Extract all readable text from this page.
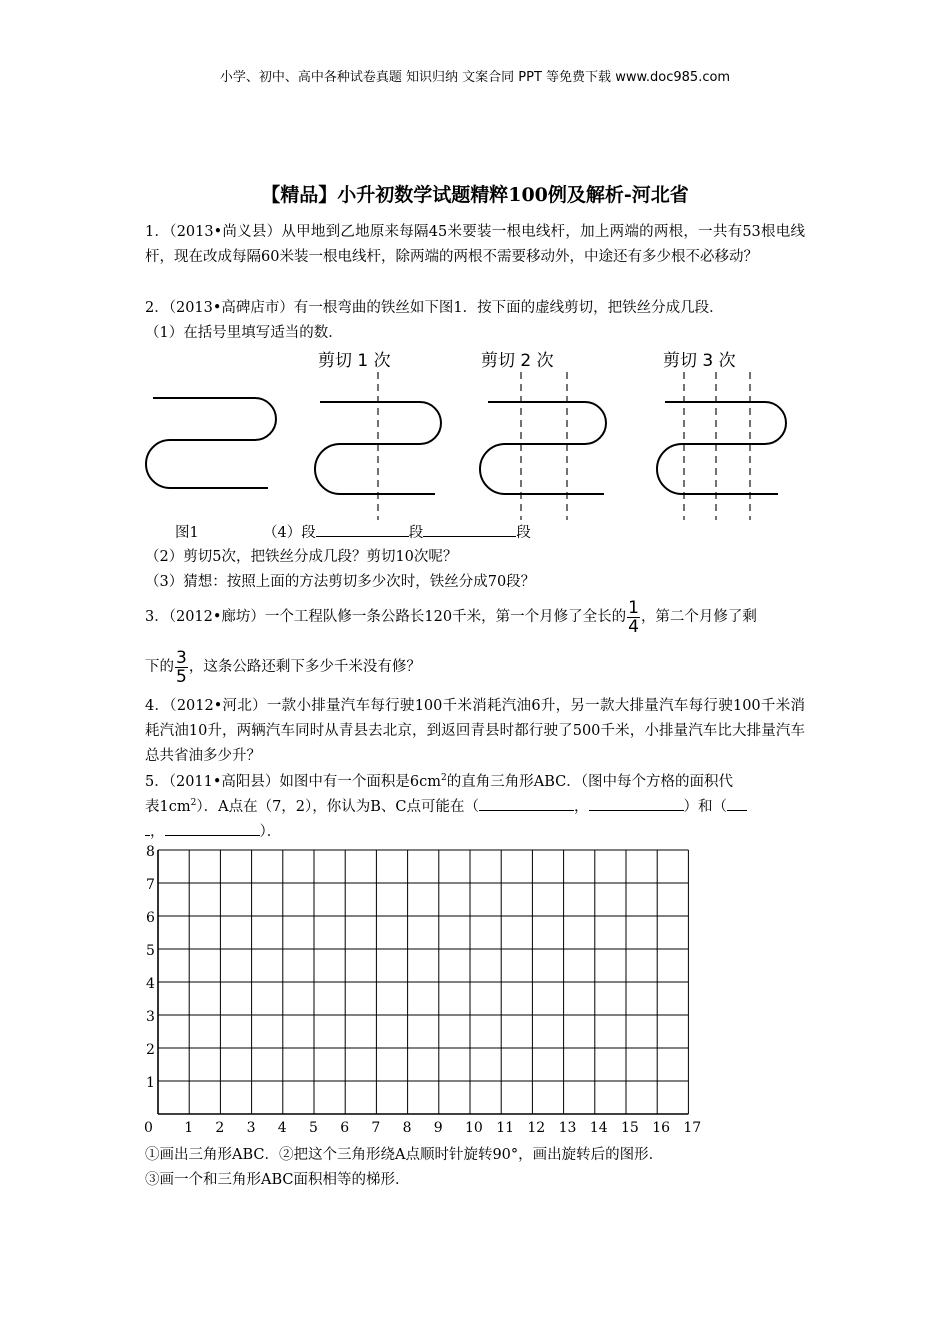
小学、初中、高中各种试卷真题 知识归纳 文案合同 PPT 等免费下载 www.doc985.com
【精品】小升初数学试题精粹100例及解析-河北省

1．（2013•尚义县）从甲地到乙地原来每隔45米要装一根电线杆，加上两端的两根，一共有53根电线杆，现在改成每隔60米装一根电线杆，除两端的两根不需要移动外，中途还有多少根不必移动？

2．（2013•高碑店市）有一根弯曲的铁丝如下图1．按下面的虚线剪切，把铁丝分成几段．

（1）在括号里填写适当的数．

剪切 1 次	剪切 2 次	剪切 3 次
图1	（4）段	段	段

（2）剪切5次，把铁丝分成几段？剪切10次呢？

（3）猜想：按照上面的方法剪切多少次时，铁丝分成70段？

3．（2012•廊坊）一个工程队修一条公路长120千米，第一个月修了全长的 $\frac{1}{4}$ ，第二个月修了剩
下的 $\frac{3}{5}$ ，这条公路还剩下多少千米没有修？

4．（2012•河北）一款小排量汽车每行驶100千米消耗汽油6升，另一款大排量汽车每行驶100千米消耗汽油10升，两辆汽车同时从青县去北京，到返回青县时都行驶了500千米，小排量汽车比大排量汽车总共省油多少升？

5．（2011•高阳县）如图中有一个面积是$6cm^2$的直角三角形ABC．（图中每个方格的面积代
表$1cm^2$）．A点在（7，2），你认为B、C点可能在（	，	）和（
，	）．
0 1 2 3 4 5 6 7 8 9 10 11 12 13 14 15 16 17
1
2
3
4
5
6
7
8

①画出三角形ABC．②把这个三角形绕A点顺时针旋转90°，画出旋转后的图形．

③画一个和三角形ABC面积相等的梯形．
